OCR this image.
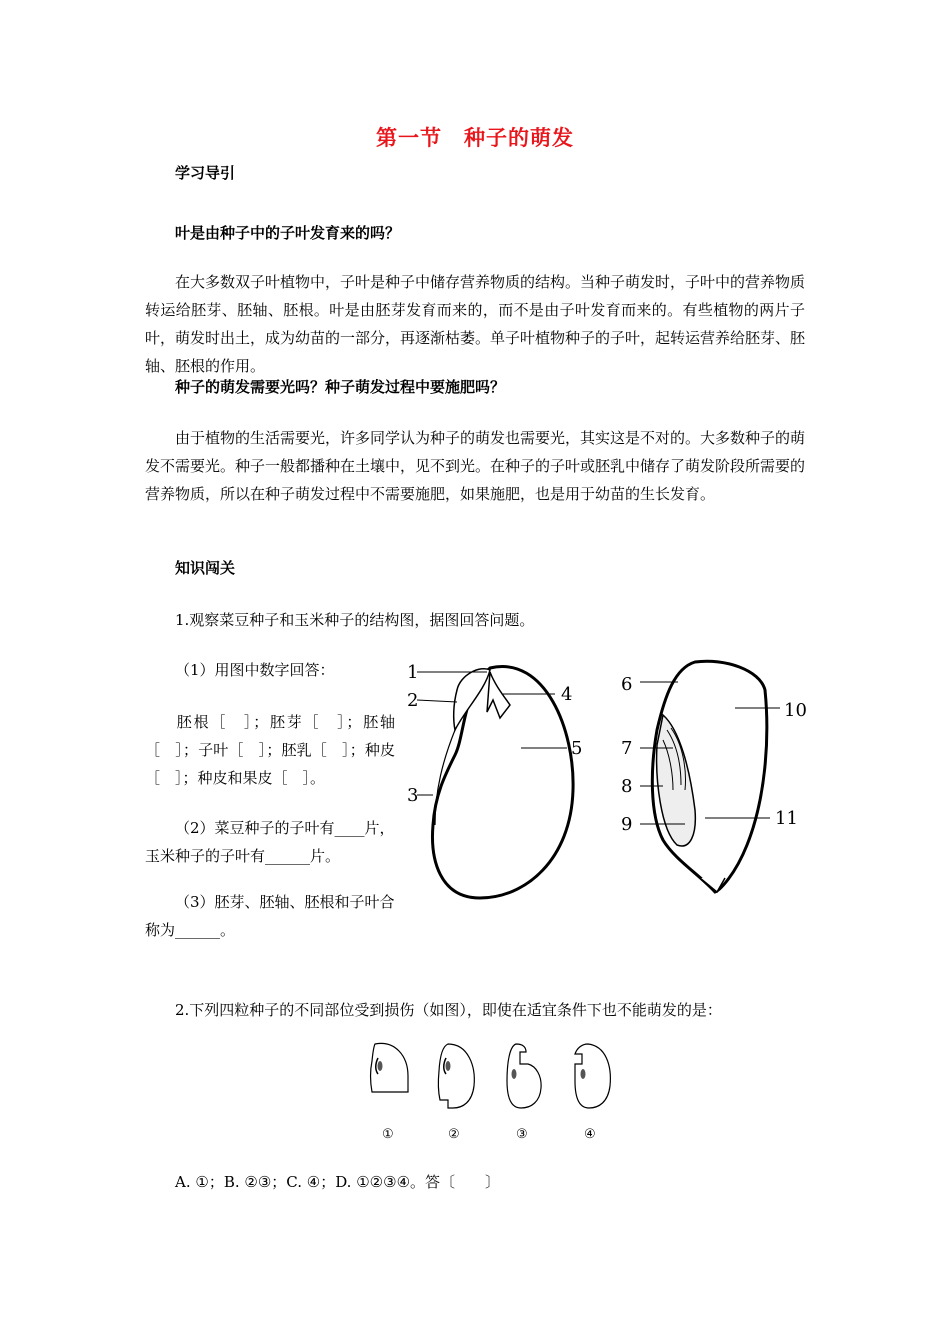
第一节　种子的萌发
学习导引
叶是由种子中的子叶发育来的吗？
在大多数双子叶植物中，子叶是种子中储存营养物质的结构。当种子萌发时，子叶中的营养物质转运给胚芽、胚轴、胚根。叶是由胚芽发育而来的，而不是由子叶发育而来的。有些植物的两片子叶，萌发时出土，成为幼苗的一部分，再逐渐枯萎。单子叶植物种子的子叶，起转运营养给胚芽、胚轴、胚根的作用。
种子的萌发需要光吗？种子萌发过程中要施肥吗？
由于植物的生活需要光，许多同学认为种子的萌发也需要光，其实这是不对的。大多数种子的萌发不需要光。种子一般都播种在土壤中，见不到光。在种子的子叶或胚乳中储存了萌发阶段所需要的营养物质，所以在种子萌发过程中不需要施肥，如果施肥，也是用于幼苗的生长发育。
知识闯关
1.观察菜豆种子和玉米种子的结构图，据图回答问题。
（1）用图中数字回答：
胚根［　］；胚芽［　］；胚轴［　］；子叶［　］；胚乳［　］；种皮［　］；种皮和果皮［　］。
（2）菜豆种子的子叶有____片，玉米种子的子叶有______片。
（3）胚芽、胚轴、胚根和子叶合称为______。
1
2
3
4
5
6
7
8
9
10
11
2.下列四粒种子的不同部位受到损伤（如图），即使在适宜条件下也不能萌发的是：
①	②	③	④
A. ①；B. ②③；C. ④；D. ①②③④。答〔　　〕
